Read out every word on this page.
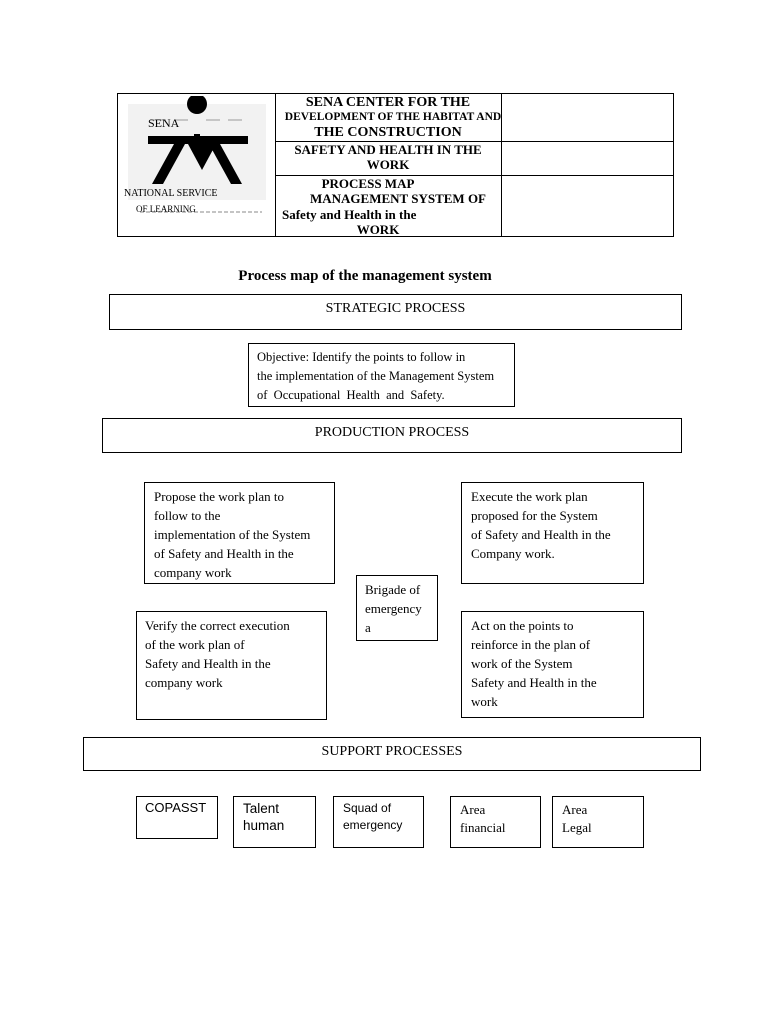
SENA
NATIONAL SERVICE
OF LEARNING
SENA CENTER FOR THE
DEVELOPMENT OF THE HABITAT AND
THE CONSTRUCTION
SAFETY AND HEALTH IN THE
WORK
PROCESS MAP
MANAGEMENT SYSTEM OF
Safety and Health in the
WORK
Process map of the management system
STRATEGIC PROCESS
Objective: Identify the points to follow in
the implementation of the Management System
of  Occupational  Health  and  Safety.
PRODUCTION PROCESS
Propose the work plan to
follow to the
implementation of the System
of Safety and Health in the
company work
Execute the work plan
proposed for the System
of Safety and Health in the
Company work.
Brigade of
emergency
a
Verify the correct execution
of the work plan of
Safety and Health in the
company work
Act on the points to
reinforce in the plan of
work of the System
Safety and Health in the
work
SUPPORT PROCESSES
COPASST	Talent
human
Squad of
emergency
Area
financial
Area
Legal
